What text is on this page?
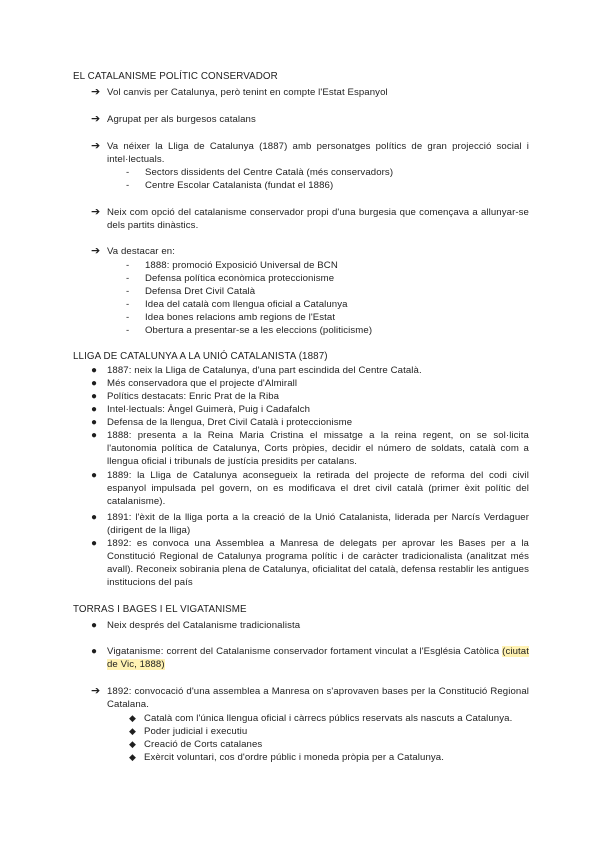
EL CATALANISME POLÍTIC CONSERVADOR
➔ Vol canvis per Catalunya, però tenint en compte l'Estat Espanyol

➔ Agrupat per als burgesos catalans

➔ Va néixer la Lliga de Catalunya (1887) amb personatges polítics de gran projecció social i intel·lectuals.

-	Sectors dissidents del Centre Català (més conservadors)

-	Centre Escolar Catalanista (fundat el 1886)

➔ Neix com opció del catalanisme conservador propi d'una burgesia que començava a allunyar-se dels partits dinàstics.

➔ Va destacar en:

-	1888: promoció Exposició Universal de BCN

-	Defensa política econòmica proteccionisme

-	Defensa Dret Civil Català

-	Idea del català com llengua oficial a Catalunya

-	Idea bones relacions amb regions de l'Estat

-	Obertura a presentar-se a les eleccions (politicisme)

LLIGA DE CATALUNYA A LA UNIÓ CATALANISTA (1887)
●	1887: neix la Lliga de Catalunya, d'una part escindida del Centre Català.

●	Més conservadora que el projecte d'Almirall

●	Polítics destacats: Enric Prat de la Riba

●	Intel·lectuals: Àngel Guimerà, Puig i Cadafalch

●	Defensa de la llengua, Dret Civil Català i proteccionisme

●	1888: presenta a la Reina Maria Cristina el missatge a la reina regent, on se sol·licita l'autonomia política de Catalunya, Corts pròpies, decidir el número de soldats, català com a llengua oficial i tribunals de justícia presidits per catalans.

●	1889: la Lliga de Catalunya aconsegueix la retirada del projecte de reforma del codi civil espanyol impulsada pel govern, on es modificava el dret civil català (primer èxit polític del catalanisme).

●	1891: l'èxit de la lliga porta a la creació de la Unió Catalanista, liderada per Narcís Verdaguer (dirigent de la lliga)

●	1892: es convoca una Assemblea a Manresa de delegats per aprovar les Bases per a la Constitució Regional de Catalunya programa polític i de caràcter tradicionalista (analitzat més avall). Reconeix sobirania plena de Catalunya, oficialitat del català, defensa restablir les antigues institucions del país

TORRAS I BAGES I EL VIGATANISME
●	Neix després del Catalanisme tradicionalista

●	Vigatanisme: corrent del Catalanisme conservador fortament vinculat a l'Església Catòlica (ciutat de Vic, 1888)

➔ 1892: convocació d'una assemblea a Manresa on s'aprovaven bases per la Constitució Regional Catalana.

◆ Català com l'única llengua oficial i càrrecs públics reservats als nascuts a Catalunya.

◆ Poder judicial i executiu

◆ Creació de Corts catalanes

◆ Exèrcit voluntari, cos d'ordre públic i moneda pròpia per a Catalunya.
